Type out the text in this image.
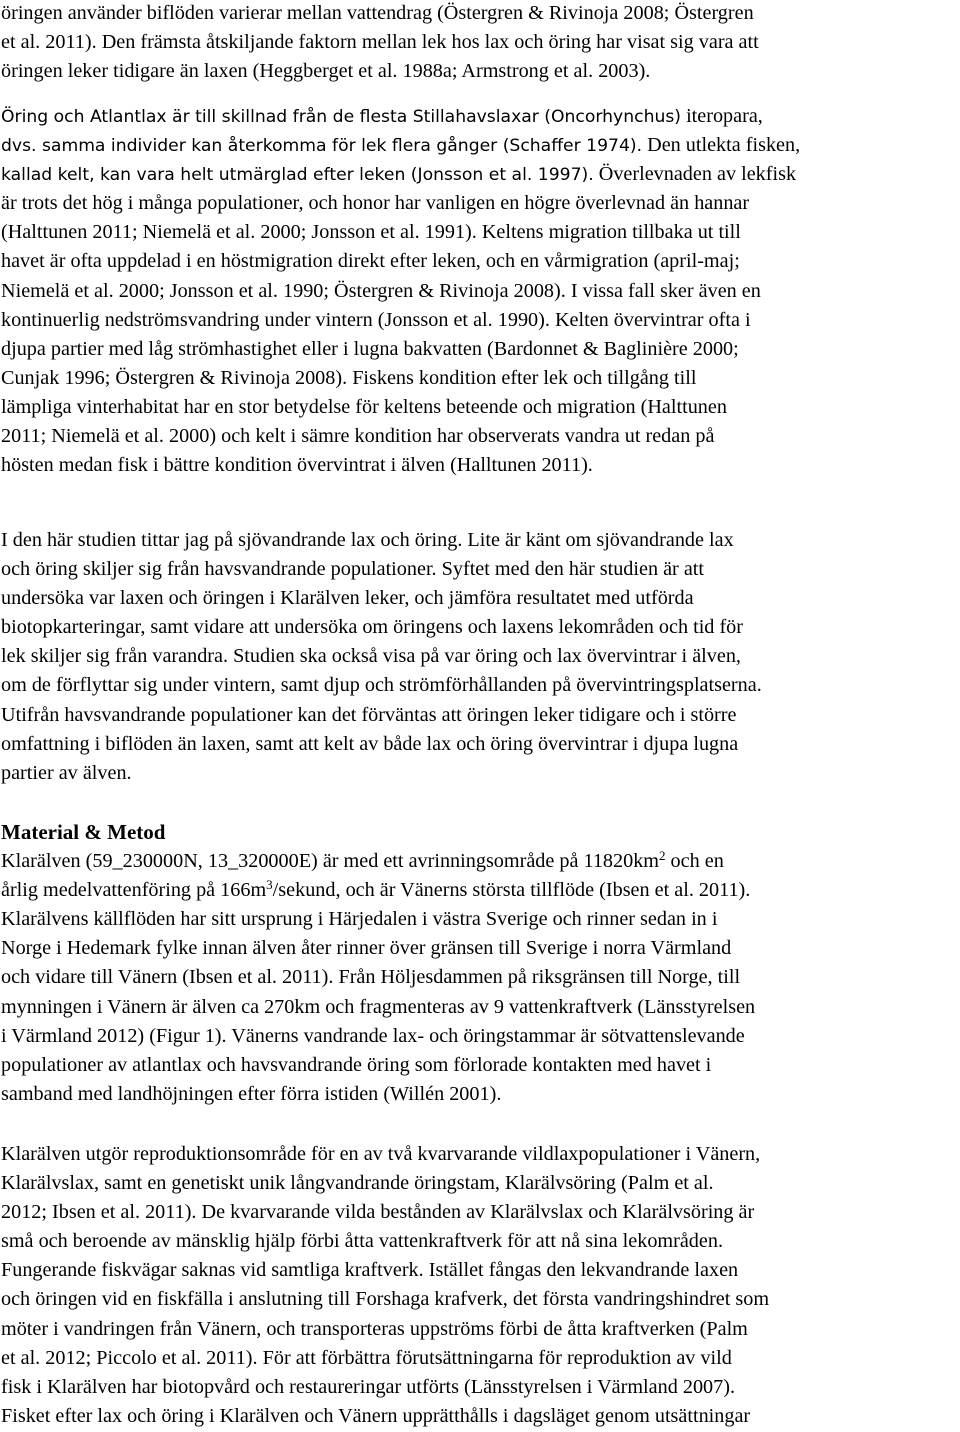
öringen använder biflöden varierar mellan vattendrag (Östergren & Rivinoja 2008; Östergren
et al. 2011). Den främsta åtskiljande faktorn mellan lek hos lax och öring har visat sig vara att
öringen leker tidigare än laxen (Heggberget et al. 1988a; Armstrong et al. 2003).
Öring och Atlantlax är till skillnad från de flesta Stillahavslaxar (Oncorhynchus) iteropara,
dvs. samma individer kan återkomma för lek flera gånger (Schaffer 1974). Den utlekta fisken,
kallad kelt, kan vara helt utmärglad efter leken (Jonsson et al. 1997). Överlevnaden av lekfisk
är trots det hög i många populationer, och honor har vanligen en högre överlevnad än hannar
(Halttunen 2011; Niemelä et al. 2000; Jonsson et al. 1991). Keltens migration tillbaka ut till
havet är ofta uppdelad i en höstmigration direkt efter leken, och en vårmigration (april-maj;
Niemelä et al. 2000; Jonsson et al. 1990; Östergren & Rivinoja 2008). I vissa fall sker även en
kontinuerlig nedströmsvandring under vintern (Jonsson et al. 1990). Kelten övervintrar ofta i
djupa partier med låg strömhastighet eller i lugna bakvatten (Bardonnet & Baglinière 2000;
Cunjak 1996; Östergren & Rivinoja 2008). Fiskens kondition efter lek och tillgång till
lämpliga vinterhabitat har en stor betydelse för keltens beteende och migration (Halttunen
2011; Niemelä et al. 2000) och kelt i sämre kondition har observerats vandra ut redan på
hösten medan fisk i bättre kondition övervintrat i älven (Halltunen 2011).
I den här studien tittar jag på sjövandrande lax och öring. Lite är känt om sjövandrande lax
och öring skiljer sig från havsvandrande populationer. Syftet med den här studien är att
undersöka var laxen och öringen i Klarälven leker, och jämföra resultatet med utförda
biotopkarteringar, samt vidare att undersöka om öringens och laxens lekområden och tid för
lek skiljer sig från varandra. Studien ska också visa på var öring och lax övervintrar i älven,
om de förflyttar sig under vintern, samt djup och strömförhållanden på övervintringsplatserna.
Utifrån havsvandrande populationer kan det förväntas att öringen leker tidigare och i större
omfattning i biflöden än laxen, samt att kelt av både lax och öring övervintrar i djupa lugna
partier av älven.
Material & Metod
Klarälven (59_230000N, 13_320000E) är med ett avrinningsområde på $11820km^2$ och en
årlig medelvattenföring på $166m^3$/sekund, och är Vänerns största tillflöde (Ibsen et al. 2011).
Klarälvens källflöden har sitt ursprung i Härjedalen i västra Sverige och rinner sedan in i
Norge i Hedemark fylke innan älven åter rinner över gränsen till Sverige i norra Värmland
och vidare till Vänern (Ibsen et al. 2011). Från Höljesdammen på riksgränsen till Norge, till
mynningen i Vänern är älven ca 270km och fragmenteras av 9 vattenkraftverk (Länsstyrelsen
i Värmland 2012) (Figur 1). Vänerns vandrande lax- och öringstammar är sötvattenslevande
populationer av atlantlax och havsvandrande öring som förlorade kontakten med havet i
samband med landhöjningen efter förra istiden (Willén 2001).
Klarälven utgör reproduktionsområde för en av två kvarvarande vildlaxpopulationer i Vänern,
Klarälvslax, samt en genetiskt unik långvandrande öringstam, Klarälvsöring (Palm et al.
2012; Ibsen et al. 2011). De kvarvarande vilda bestånden av Klarälvslax och Klarälvsöring är
små och beroende av mänsklig hjälp förbi åtta vattenkraftverk för att nå sina lekområden.
Fungerande fiskvägar saknas vid samtliga kraftverk. Istället fångas den lekvandrande laxen
och öringen vid en fiskfälla i anslutning till Forshaga krafverk, det första vandringshindret som
möter i vandringen från Vänern, och transporteras uppströms förbi de åtta kraftverken (Palm
et al. 2012; Piccolo et al. 2011). För att förbättra förutsättningarna för reproduktion av vild
fisk i Klarälven har biotopvård och restaureringar utförts (Länsstyrelsen i Värmland 2007).
Fisket efter lax och öring i Klarälven och Vänern upprätthålls i dagsläget genom utsättningar
